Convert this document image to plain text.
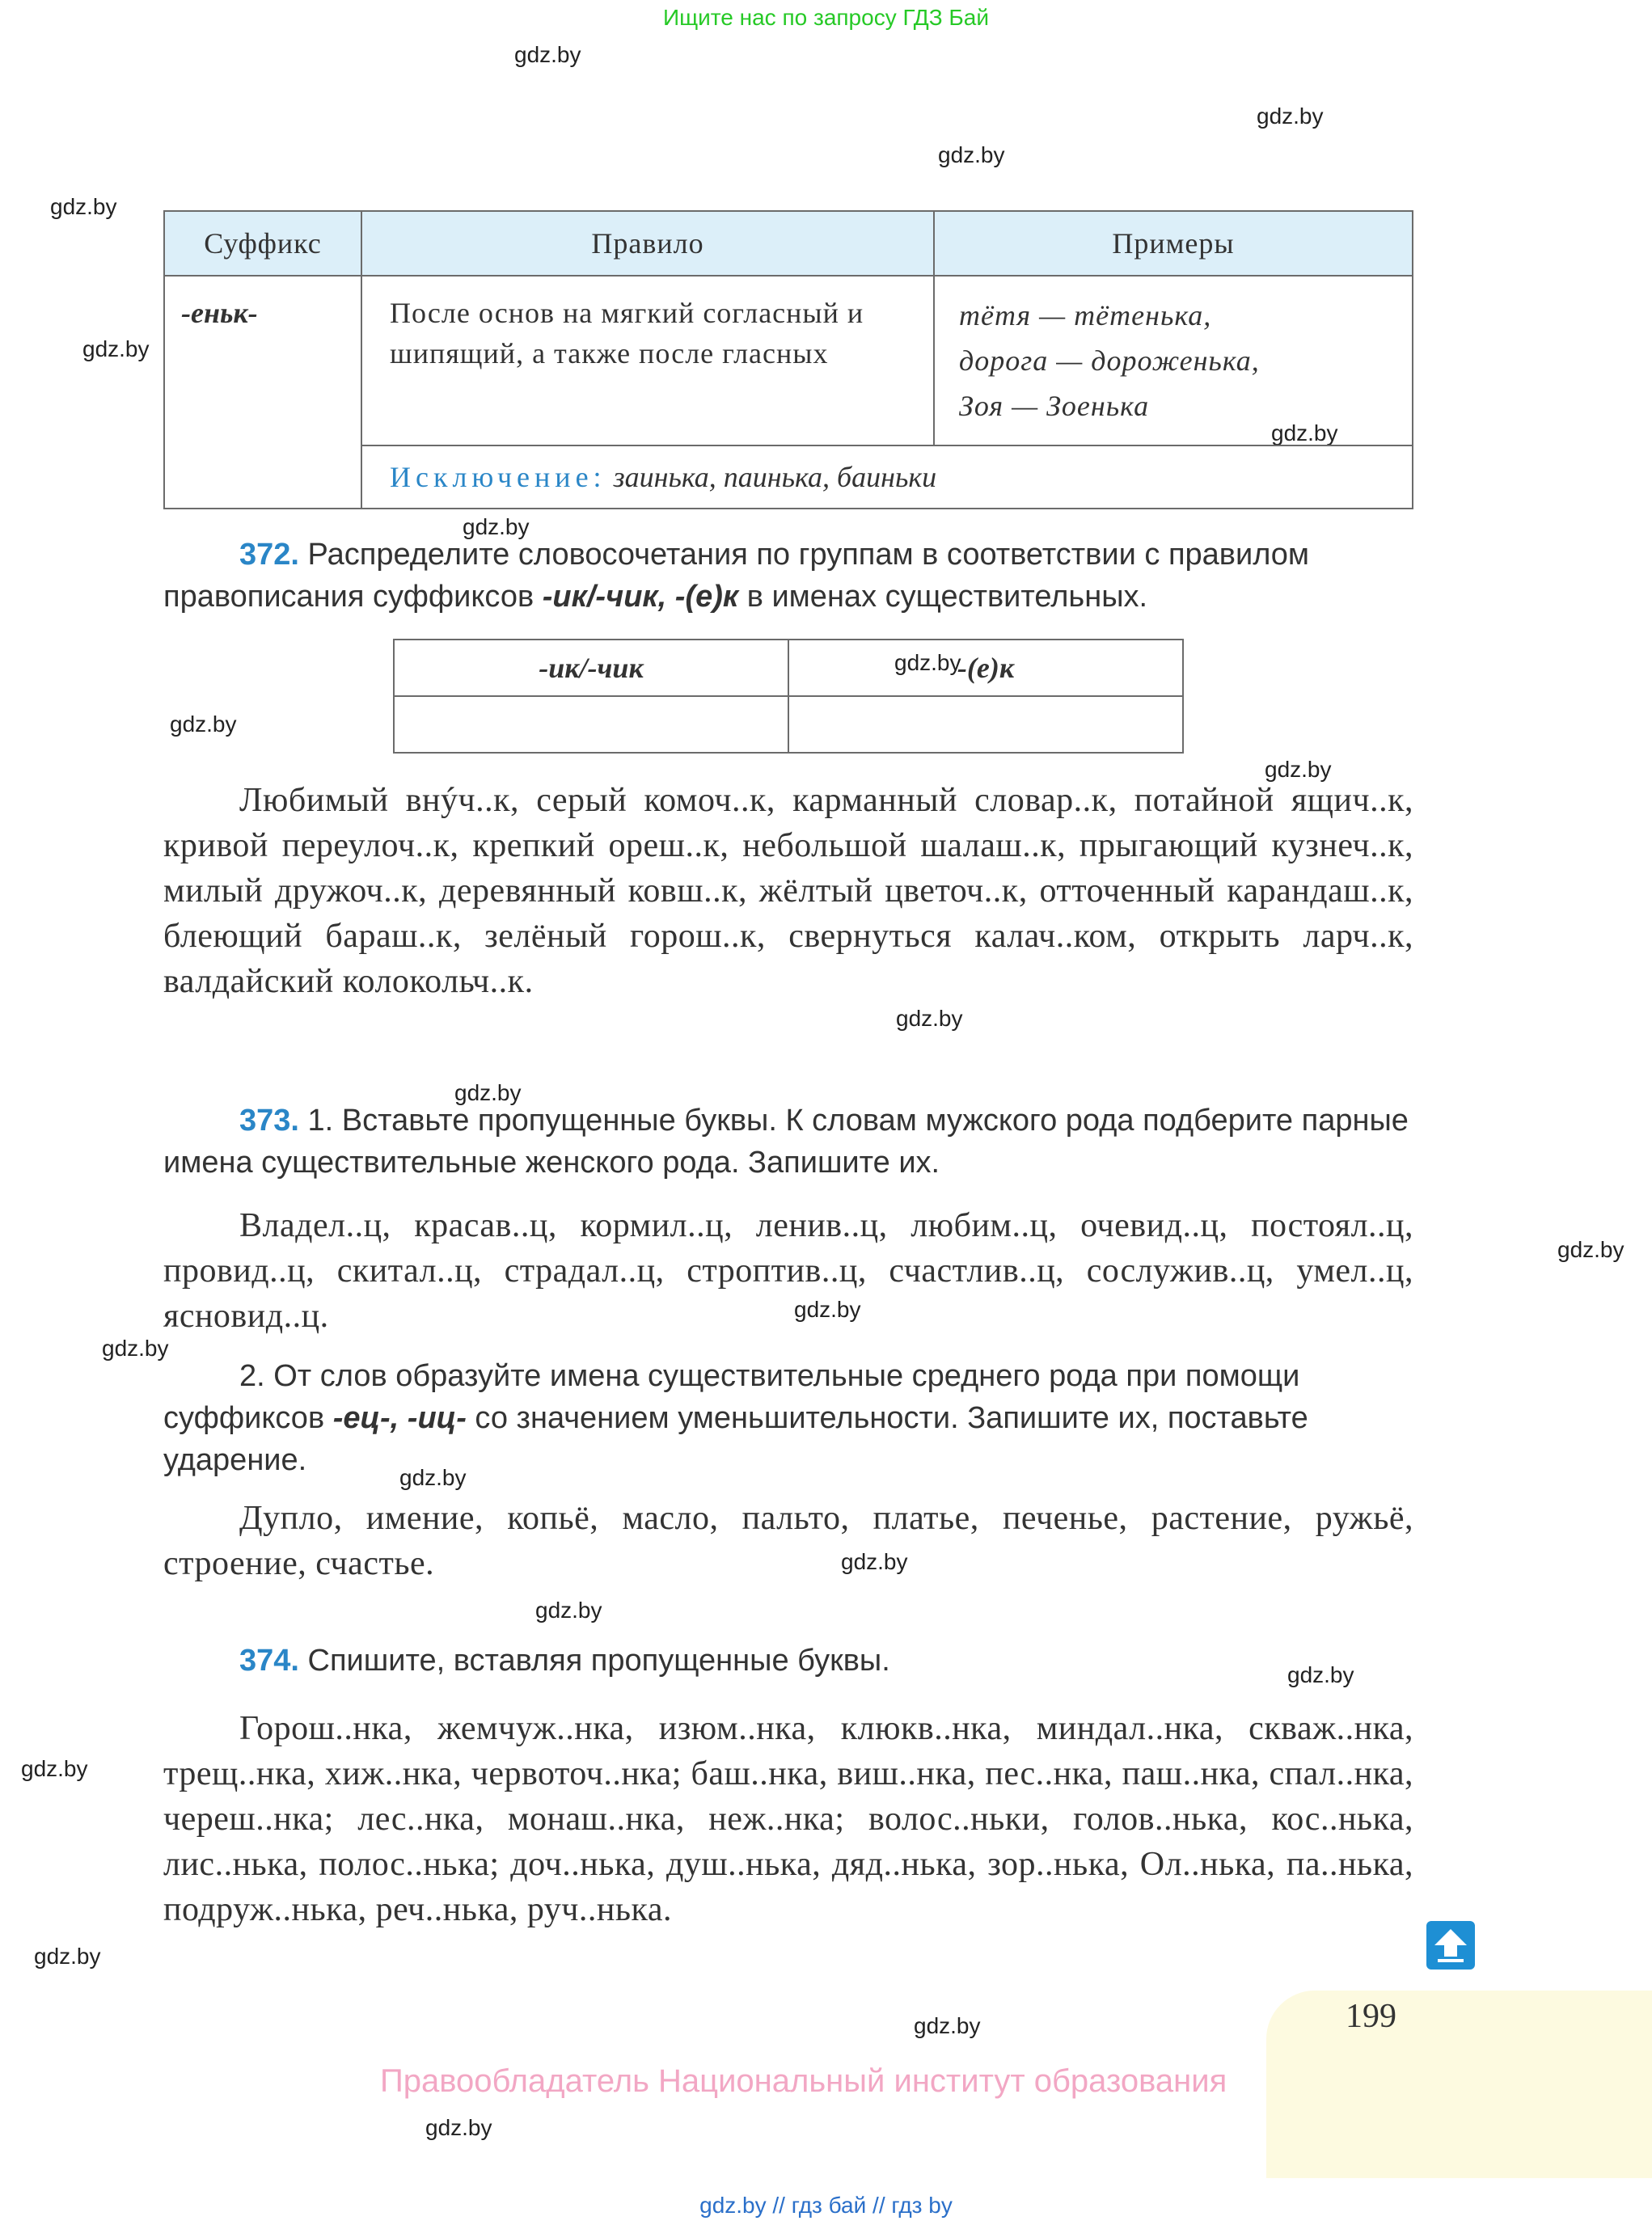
Ищите нас по запросу ГДЗ Бай
gdz.by
gdz.by
gdz.by
gdz.by
gdz.by
gdz.by
gdz.by
gdz.by
gdz.by
gdz.by
gdz.by
gdz.by
gdz.by
gdz.by
gdz.by
gdz.by
gdz.by
gdz.by
gdz.by
gdz.by
gdz.by
gdz.by
gdz.by
Суффикс	Правило	Примеры
-еньк-	После основ на мягкий согласный и шипящий, а также после гласных	тётя — тётенька,
дорога — дороженька,
Зоя — Зоенька

	Исключение: заинька, паинька, баиньки	
372. Распределите словосочетания по группам в соответствии с правилом правописания суффиксов -ик/-чик, -(е)к в именах существительных.
-ик/-чик	-(е)к

Любимый внýч..к, серый комоч..к, карманный словар..к, потайной ящич..к, кривой переулоч..к, крепкий ореш..к, небольшой шалаш..к, прыгающий кузнеч..к, милый дружоч..к, деревянный ковш..к, жёлтый цветоч..к, отточенный карандаш..к, блеющий бараш..к, зелёный горош..к, свернуться калач..ком, открыть ларч..к, валдайский колокольч..к.
373. 1. Вставьте пропущенные буквы. К словам мужского рода подберите парные имена существительные женского рода. Запишите их.
Владел..ц, красав..ц, кормил..ц, ленив..ц, любим..ц, очевид..ц, постоял..ц, провид..ц, скитал..ц, страдал..ц, строптив..ц, счастлив..ц, сослужив..ц, умел..ц, ясновид..ц.
2. От слов образуйте имена существительные среднего рода при помощи суффиксов -ец-, -иц- со значением уменьшительности. Запишите их, поставьте ударение.
Дупло, имение, копьё, масло, пальто, платье, печенье, растение, ружьё, строение, счастье.
374. Спишите, вставляя пропущенные буквы.
Горош..нка, жемчуж..нка, изюм..нка, клюкв..нка, миндал..нка, скваж..нка, трещ..нка, хиж..нка, червоточ..нка; баш..нка, виш..нка, пес..нка, паш..нка, спал..нка, череш..нка; лес..нка, монаш..нка, неж..нка; волос..ньки, голов..нька, кос..нька, лис..нька, полос..нька; доч..нька, душ..нька, дяд..нька, зор..нька, Ол..нька, па..нька, подруж..нька, реч..нька, руч..нька.
199
Правообладатель Национальный институт образования
gdz.by // гдз бай // гдз by
